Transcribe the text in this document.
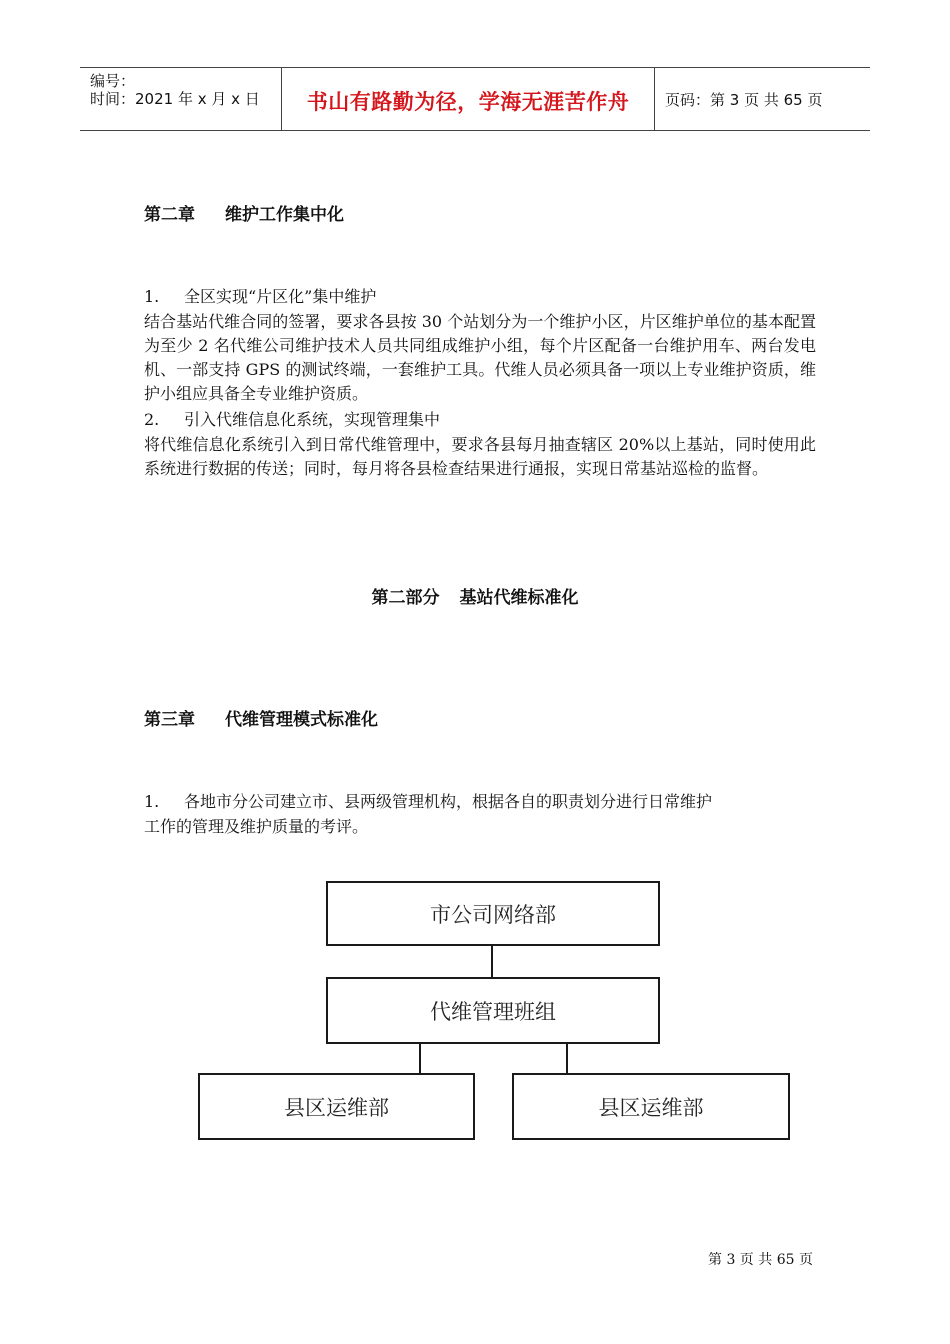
编号：
时间：2021 年 x 月 x 日	书山有路勤为径，学海无涯苦作舟	页码：第 3 页 共 65 页
第二章 维护工作集中化
1. 全区实现“片区化”集中维护
结合基站代维合同的签署，要求各县按 30 个站划分为一个维护小区，片区维护单位的基本配置为至少 2 名代维公司维护技术人员共同组成维护小组，每个片区配备一台维护用车、两台发电机、一部支持 GPS 的测试终端，一套维护工具。代维人员必须具备一项以上专业维护资质，维护小组应具备全专业维护资质。
2. 引入代维信息化系统，实现管理集中
将代维信息化系统引入到日常代维管理中，要求各县每月抽查辖区 20%以上基站，同时使用此系统进行数据的传送；同时，每月将各县检查结果进行通报，实现日常基站巡检的监督。
第二部分 基站代维标准化
第三章 代维管理模式标准化
1. 各地市分公司建立市、县两级管理机构，根据各自的职责划分进行日常维护
工作的管理及维护质量的考评。
市公司网络部
代维管理班组
县区运维部	县区运维部
第 3 页 共 65 页
